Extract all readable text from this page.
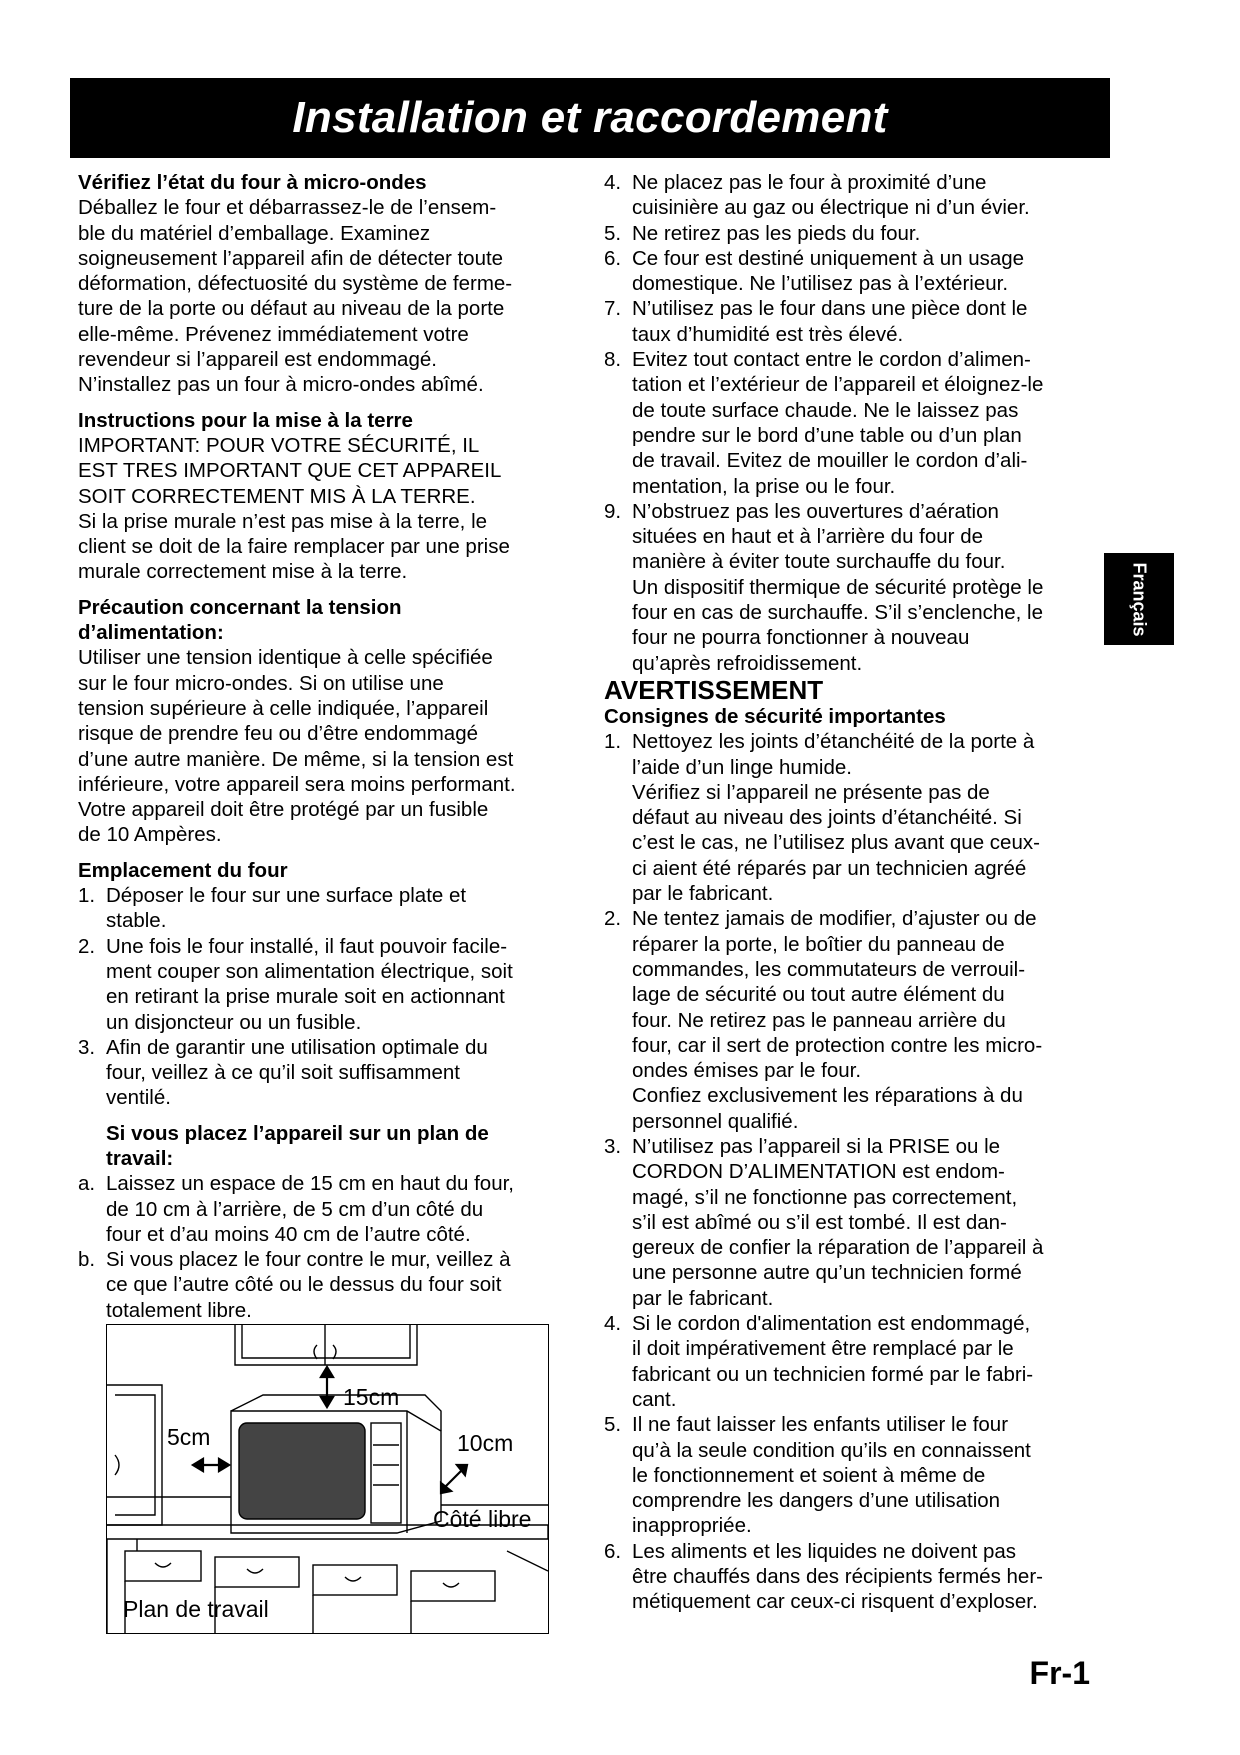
Installation et raccordement

Vérifiez l’état du four à micro-ondes

Déballez le four et débarrassez-le de l’ensem-

ble du matériel d’emballage. Examinez

soigneusement l’appareil afin de détecter toute

déformation, défectuosité du système de ferme-

ture de la porte ou défaut au niveau de la porte

elle-même. Prévenez immédiatement votre

revendeur si l’appareil est endommagé.

N’installez pas un four à micro-ondes abîmé.

Instructions pour la mise à la terre

IMPORTANT: POUR VOTRE SÉCURITÉ, IL

EST TRES IMPORTANT QUE CET APPAREIL

SOIT CORRECTEMENT MIS À LA TERRE.

Si la prise murale n’est pas mise à la terre, le

client se doit de la faire remplacer par une prise

murale correctement mise à la terre.

Précaution concernant la tension

d’alimentation:

Utiliser une tension identique à celle spécifiée

sur le four micro-ondes. Si on utilise une

tension supérieure à celle indiquée, l’appareil

risque de prendre feu ou d’être endommagé

d’une autre manière. De même, si la tension est

inférieure, votre appareil sera moins performant.

Votre appareil doit être protégé par un fusible

de 10 Ampères.

Emplacement du four

1. Déposer le four sur une surface plate et

stable.

2. Une fois le four installé, il faut pouvoir facile-

ment couper son alimentation électrique, soit

en retirant la prise murale soit en actionnant

un disjoncteur ou un fusible.

3. Afin de garantir une utilisation optimale du

four, veillez à ce qu’il soit suffisamment

ventilé.

Si vous placez l’appareil sur un plan de

travail:

a. Laissez un espace de 15 cm en haut du four,

de 10 cm à l’arrière, de 5 cm d’un côté du

four et d’au moins 40 cm de l’autre côté.

b. Si vous placez le four contre le mur, veillez à

ce que l’autre côté ou le dessus du four soit

totalement libre.

15cm
5cm	10cm
Côté libre
Plan de travail
4. Ne placez pas le four à proximité d’une

cuisinière au gaz ou électrique ni d’un évier.

5. Ne retirez pas les pieds du four.

6. Ce four est destiné uniquement à un usage

domestique. Ne l’utilisez pas à l’extérieur.

7. N’utilisez pas le four dans une pièce dont le

taux d’humidité est très élevé.

8. Evitez tout contact entre le cordon d’alimen-

tation et l’extérieur de l’appareil et éloignez-le

de toute surface chaude. Ne le laissez pas

pendre sur le bord d’une table ou d’un plan

de travail. Evitez de mouiller le cordon d’ali-

mentation, la prise ou le four.

9. N’obstruez pas les ouvertures d’aération

situées en haut et à l’arrière du four de

manière à éviter toute surchauffe du four.

Un dispositif thermique de sécurité protège le

four en cas de surchauffe. S’il s’enclenche, le

four ne pourra fonctionner à nouveau

qu’après refroidissement.

AVERTISSEMENT

Consignes de sécurité importantes

1. Nettoyez les joints d’étanchéité de la porte à

l’aide d’un linge humide.

Vérifiez si l’appareil ne présente pas de

défaut au niveau des joints d’étanchéité. Si

c’est le cas, ne l’utilisez plus avant que ceux-

ci aient été réparés par un technicien agréé

par le fabricant.

2. Ne tentez jamais de modifier, d’ajuster ou de

réparer la porte, le boîtier du panneau de

commandes, les commutateurs de verrouil-

lage de sécurité ou tout autre élément du

four. Ne retirez pas le panneau arrière du

four, car il sert de protection contre les micro-

ondes émises par le four.

Confiez exclusivement les réparations à du

personnel qualifié.

3. N’utilisez pas l’appareil si la PRISE ou le

CORDON D’ALIMENTATION est endom-

magé, s’il ne fonctionne pas correctement,

s’il est abîmé ou s’il est tombé. Il est dan-

gereux de confier la réparation de l’appareil à

une personne autre qu’un technicien formé

par le fabricant.

4. Si le cordon d'alimentation est endommagé,

il doit impérativement être remplacé par le

fabricant ou un technicien formé par le fabri-

cant.

5. Il ne faut laisser les enfants utiliser le four

qu’à la seule condition qu’ils en connaissent

le fonctionnement et soient à même de

comprendre les dangers d’une utilisation

inappropriée.

6. Les aliments et les liquides ne doivent pas

être chauffés dans des récipients fermés her-

métiquement car ceux-ci risquent d’exploser.

Français
Fr-1
